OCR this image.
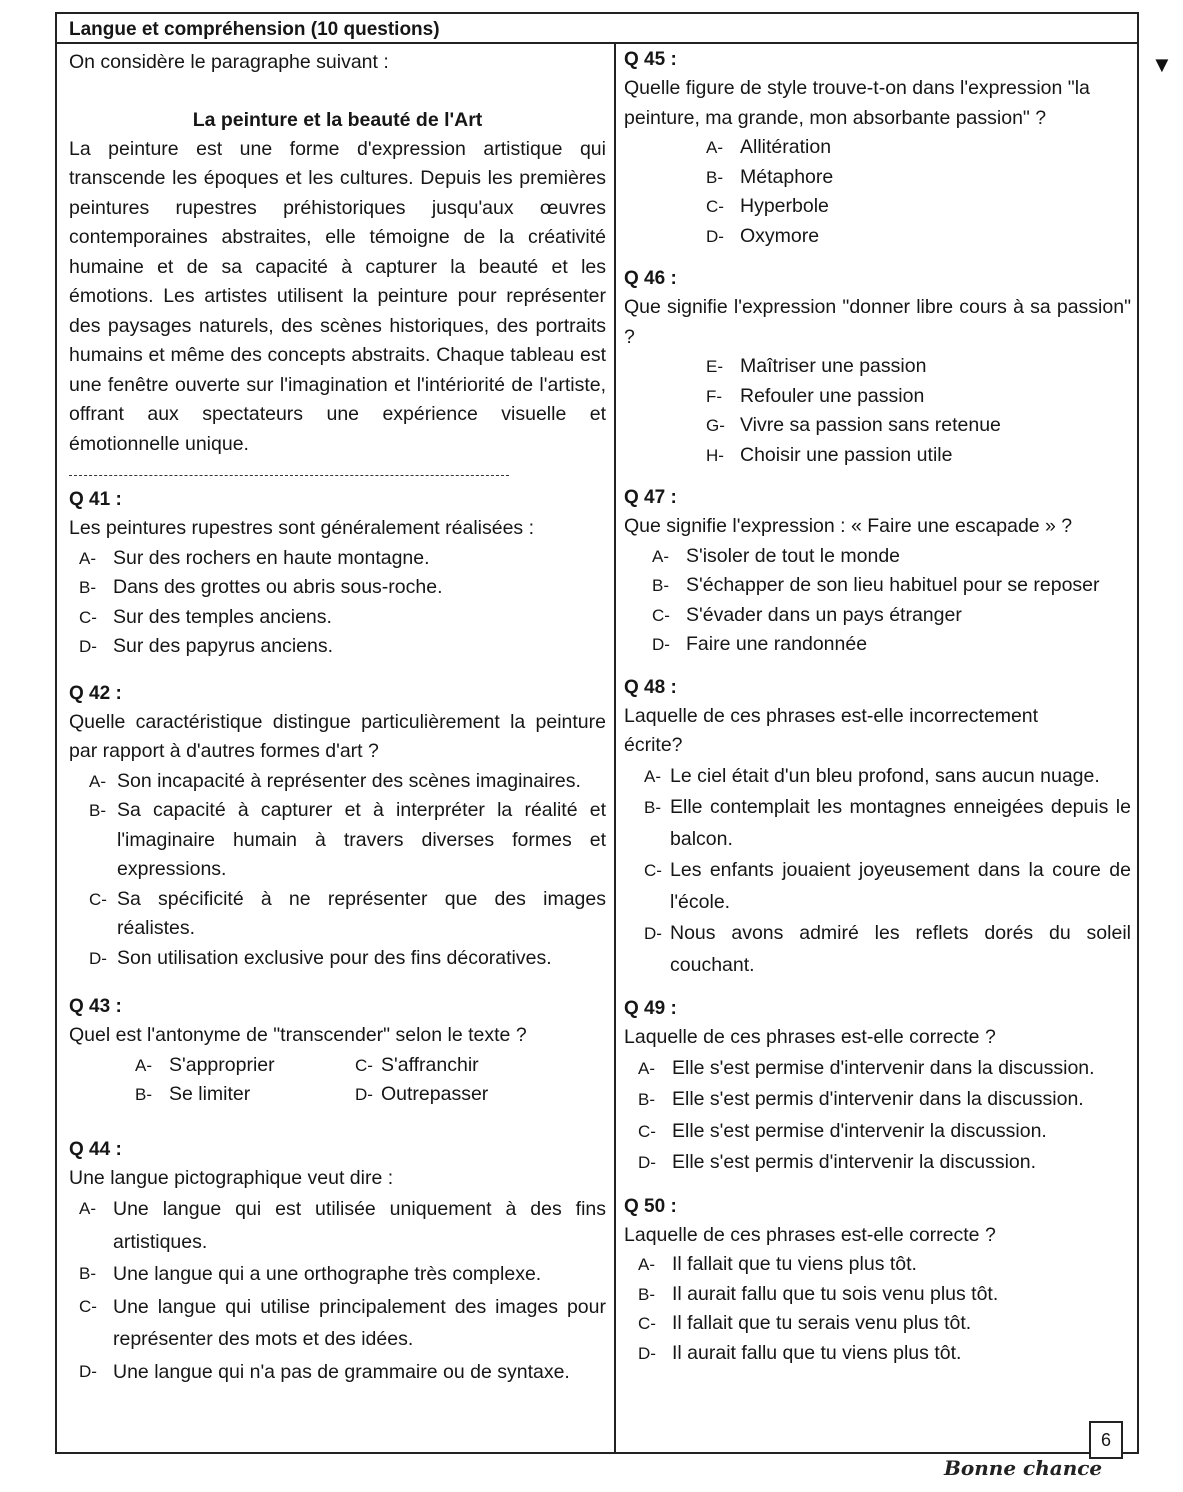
Langue et compréhension (10 questions)
On considère le paragraphe suivant :
La peinture et la beauté de l'Art

La peinture est une forme d'expression artistique qui transcende les époques et les cultures. Depuis les premières peintures rupestres préhistoriques jusqu'aux œuvres contemporaines abstraites, elle témoigne de la créativité humaine et de sa capacité à capturer la beauté et les émotions. Les artistes utilisent la peinture pour représenter des paysages naturels, des scènes historiques, des portraits humains et même des concepts abstraits. Chaque tableau est une fenêtre ouverte sur l'imagination et l'intériorité de l'artiste, offrant aux spectateurs une expérience visuelle et émotionnelle unique.

Q 41 :

Les peintures rupestres sont généralement réalisées :

A- Sur des rochers en haute montagne.
B- Dans des grottes ou abris sous-roche.
C- Sur des temples anciens.
D- Sur des papyrus anciens.
Q 42 :

Quelle caractéristique distingue particulièrement la peinture par rapport à d'autres formes d'art ?

A- Son incapacité à représenter des scènes imaginaires.
B- Sa capacité à capturer et à interpréter la réalité et l'imaginaire humain à travers diverses formes et expressions.
C- Sa spécificité à ne représenter que des images réalistes.
D- Son utilisation exclusive pour des fins décoratives.
Q 43 :

Quel est l'antonyme de "transcender" selon le texte ?

A- S'approprier	C- S'affranchir
B- Se limiter	D- Outrepasser
Q 44 :

Une langue pictographique veut dire :

A- Une langue qui est utilisée uniquement à des fins artistiques.
B- Une langue qui a une orthographe très complexe.
C- Une langue qui utilise principalement des images pour représenter des mots et des idées.
D- Une langue qui n'a pas de grammaire ou de syntaxe.
Q 45 :

Quelle figure de style trouve-t-on dans l'expression "la peinture, ma grande, mon absorbante passion" ?

A- Allitération
B- Métaphore
C- Hyperbole
D- Oxymore
Q 46 :

Que signifie l'expression "donner libre cours à sa passion" ?

E- Maîtriser une passion
F- Refouler une passion
G- Vivre sa passion sans retenue
H- Choisir une passion utile
Q 47 :

Que signifie l'expression : « Faire une escapade » ?

A- S'isoler de tout le monde
B- S'échapper de son lieu habituel pour se reposer
C- S'évader dans un pays étranger
D- Faire une randonnée
Q 48 :

Laquelle de ces phrases est-elle incorrectement écrite?

A- Le ciel était d'un bleu profond, sans aucun nuage.
B- Elle contemplait les montagnes enneigées depuis le balcon.
C- Les enfants jouaient joyeusement dans la coure de l'école.
D- Nous avons admiré les reflets dorés du soleil couchant.
Q 49 :

Laquelle de ces phrases est-elle correcte ?

A- Elle s'est permise d'intervenir dans la discussion.
B- Elle s'est permis d'intervenir dans la discussion.
C- Elle s'est permise d'intervenir la discussion.
D- Elle s'est permis d'intervenir la discussion.
Q 50 :

Laquelle de ces phrases est-elle correcte ?

A- Il fallait que tu viens plus tôt.
B- Il aurait fallu que tu sois venu plus tôt.
C- Il fallait que tu serais venu plus tôt.
D- Il aurait fallu que tu viens plus tôt.
▼
6
Bonne chance
